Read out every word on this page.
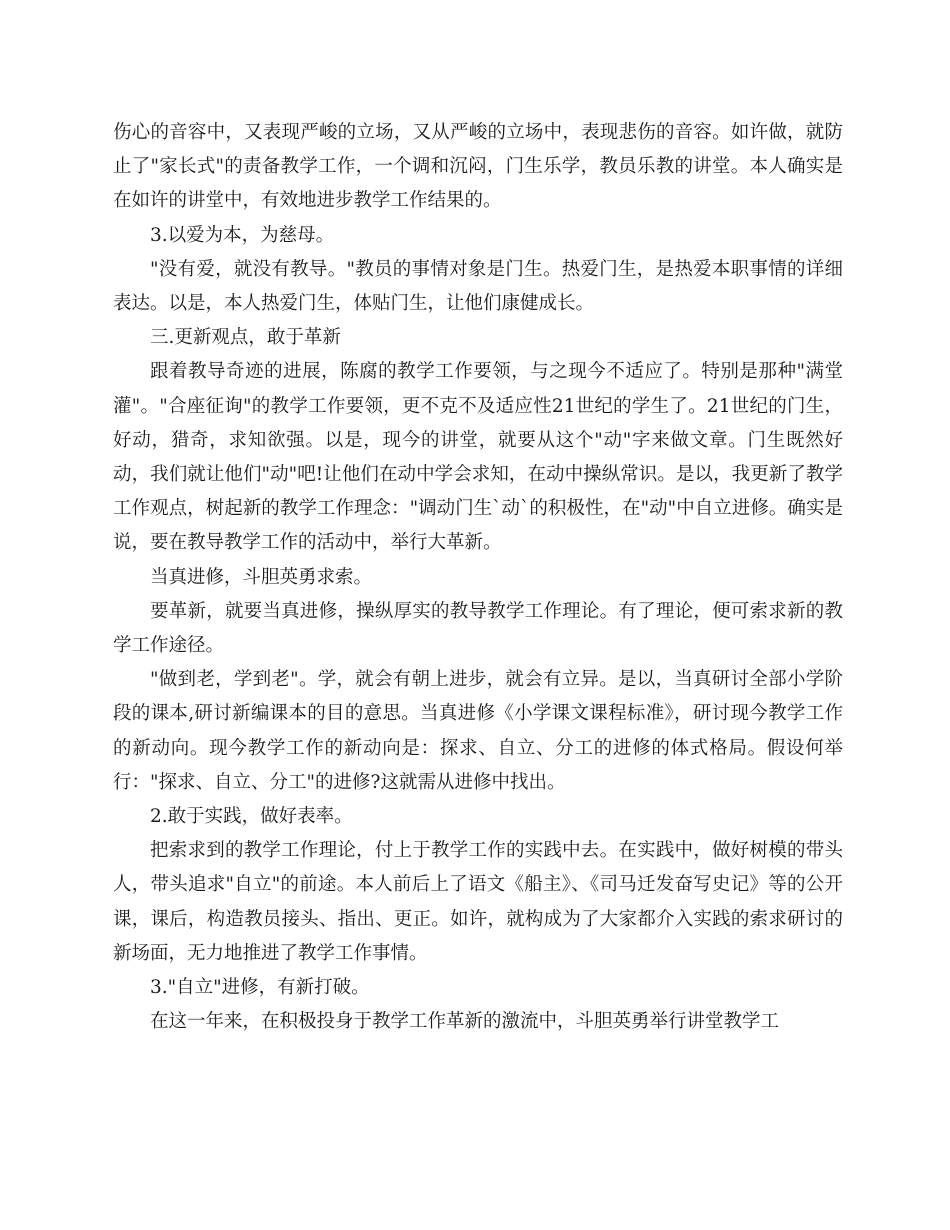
伤心的音容中，又表现严峻的立场，又从严峻的立场中，表现悲伤的音容。如许做，就防止了"家长式"的责备教学工作，一个调和沉闷，门生乐学，教员乐教的讲堂。本人确实是在如许的讲堂中，有效地进步教学工作结果的。

3.以爱为本，为慈母。

"没有爱，就没有教导。"教员的事情对象是门生。热爱门生，是热爱本职事情的详细表达。以是，本人热爱门生，体贴门生，让他们康健成长。

三.更新观点，敢于革新

跟着教导奇迹的进展，陈腐的教学工作要领，与之现今不适应了。特别是那种"满堂灌"。"合座征询"的教学工作要领，更不克不及适应性21世纪的学生了。21世纪的门生，好动，猎奇，求知欲强。以是，现今的讲堂，就要从这个"动"字来做文章。门生既然好动，我们就让他们"动"吧!让他们在动中学会求知，在动中操纵常识。是以，我更新了教学工作观点，树起新的教学工作理念："调动门生`动`的积极性，在"动"中自立进修。确实是说，要在教导教学工作的活动中，举行大革新。

当真进修，斗胆英勇求索。

要革新，就要当真进修，操纵厚实的教导教学工作理论。有了理论，便可索求新的教学工作途径。

"做到老，学到老"。学，就会有朝上进步，就会有立异。是以，当真研讨全部小学阶段的课本,研讨新编课本的目的意思。当真进修《小学课文课程标准》，研讨现今教学工作的新动向。现今教学工作的新动向是：探求、自立、分工的进修的体式格局。假设何举行："探求、自立、分工"的进修?这就需从进修中找出。

2.敢于实践，做好表率。

把索求到的教学工作理论，付上于教学工作的实践中去。在实践中，做好树模的带头人，带头追求"自立"的前途。本人前后上了语文《船主》、《司马迁发奋写史记》等的公开课，课后，构造教员接头、指出、更正。如许，就构成为了大家都介入实践的索求研讨的新场面，无力地推进了教学工作事情。

3."自立"进修，有新打破。

在这一年来，在积极投身于教学工作革新的激流中，斗胆英勇举行讲堂教学工
